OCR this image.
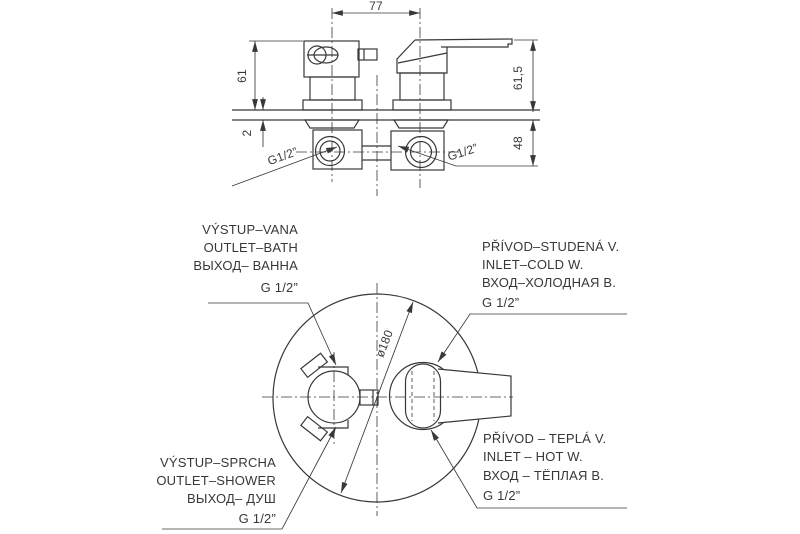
G1/2”	G1/2”
77
61
2
61,5
48
ø180
VÝSTUP–VANA
OUTLET–BATH
ВЫХОД– ВАННА
G 1/2”
PŘÍVOD–STUDENÁ V.
INLET–COLD W.
ВХОД–ХОЛОДНАЯ В.
G 1/2”
VÝSTUP–SPRCHA
OUTLET–SHOWER
ВЫХОД– ДУШ
G 1/2”
PŘÍVOD – TEPLÁ V.
INLET – HOT W.
ВХОД – ТЁПЛАЯ В.
G 1/2”
